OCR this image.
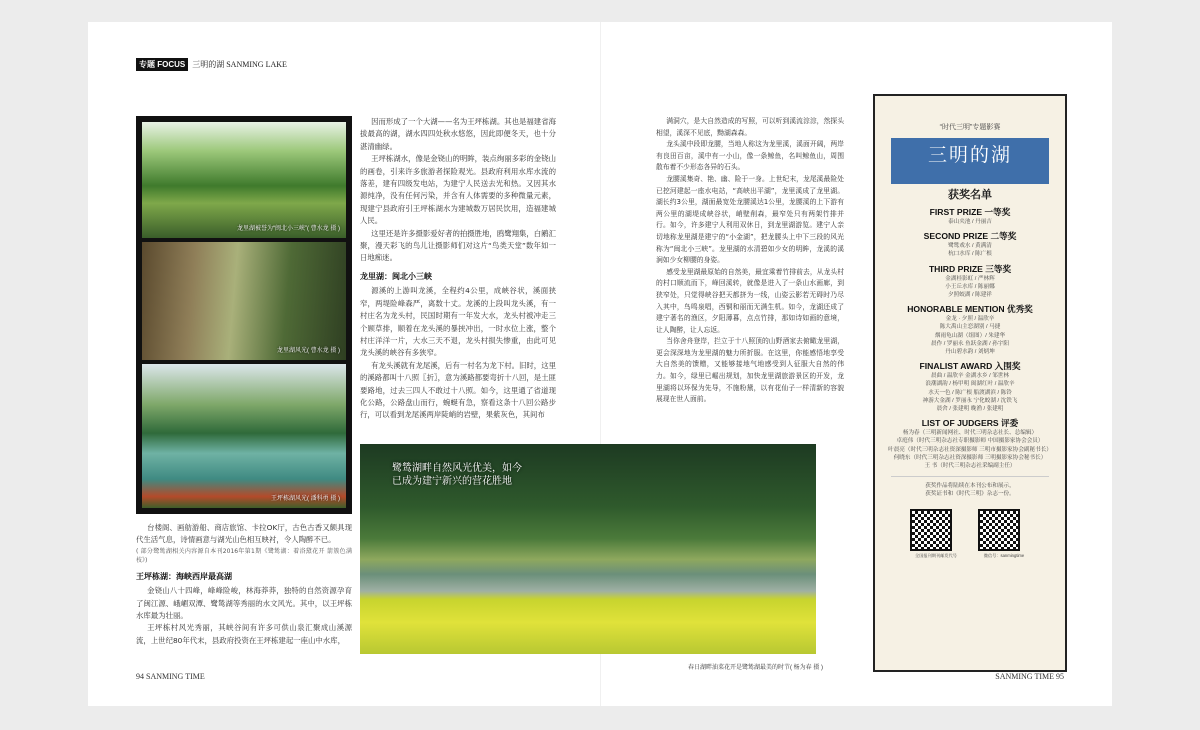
专题 FOCUS 三明的湖 SANMING LAKE
龙里湖被誉为“闽北小三峡”( 曹水龙 摄 )
龙里湖风光( 曹水龙 摄 )
王坪栋湖风光( 潘科勇 摄 )

台楼阁、画舫游船、商店旅馆、卡拉OK厅，古色古香又颇具现代生活气息，诗情画意与湖光山色相互映衬，令人陶醉不已。

( 部分鹭鸶湖相关内容源自本刊2016年第1期《鹭鸶湖：着浴黛花开 箭簇色满枝》)

王坪栋湖：海峡西岸最高湖

金铙山八十四峰，峰峰险峻，林海莽莽，独特的自然资源孕育了闽江源、峨嵋双潭、鹭鸶湖等秀丽的水文风光。其中，以王坪栋水库最为壮丽。

王坪栋村风光秀丽，其峡谷间有许多可供山泉汇聚成山溪源流，上世纪80年代末，县政府投资在王坪栋建起一座山中水库，

因而形成了一个大湖——名为王坪栋湖。其也是福建省海拔最高的湖，湖水四四处秋水悠悠，因此即便冬天，也十分湛清幽绿。

王坪栋湖水，像是金铙山的明眸，装点绚丽多彩的金铙山的画卷，引来许多旅游者探险观光。县政府利用水库水流的落差，建有四级发电站，为建宁人民送去光和热。又因其水源纯净，没有任何污染，并含有人体需要的多种微量元素，现建宁县政府引王坪栋湖水为建城数万居民饮用，造福建城人民。

这里还是许多摄影爱好者的拍摄胜地，鸥鹭翔集，白鹇汇聚，漫天彩飞的鸟儿让摄影师们对这片“鸟类天堂”数年如一日地痴迷。

龙里湖：闽北小三峡

源溪的上游叫龙溪，全程约4公里，成峡谷状，溪面狭窄，两堤险峰森严，离数十丈。龙溪的上段叫龙头溪，有一村庄名为龙头村，民国时期有一年发大水，龙头村被冲走三个顾草排，顺着在龙头溪的暴挟冲出，一时水位上涨，整个村庄洋洋一片，大水三天不退，龙头村损失惨重，由此可见龙头溪的峡谷有多狭窄。

有龙头溪就有龙尾溪，后有一村名为龙下村。旧时，这里的溪路都叫十八照〖折〗，意为溪路都要弯折十八回，是土匪要路地，过去三四人不敢过十八照。如今，这里通了省道现化公路，公路盘山而行，蜿蜒有急，察看这条十八回公路步行，可以看到龙尾溪两岸陡峭的岩壁，果紫灰色，其间布

满洞穴，是大自然造成的写照，可以听到溪流淙淙，然探头相望，溪深不见底，黝湖森森。

龙头溪中段即龙腰，当地人称这为龙里溪，溪面开阔，两岸有良田百亩，溪中有一小山，像一条鲸鱼，名叫鲸鱼山，周围散布着不少形态各异的石头。

龙腰溪集奇、艳、幽、险于一身。上世纪末，龙尾溪最险处已挖河建起一座水电站，“高峡出平湖”，龙里溪成了龙里湖。湖长约3公里，湖面最宽处龙腰溪达1公里，龙腰溪的上下游有两公里的湖堤成峡谷状，峭壁削森，最窄处只有两架竹排并行。如今，许多建宁人利用双休日，到龙里湖游览。建宁人亲切地称龙里湖是建宁的“小金湖”，把龙腰头上中下三段的风光称为“闽北小三峡”。龙里湖的水清碧如少女的明眸，龙溪的溪涧如少女柳腰的身姿。

感受龙里湖最原始的自然美，最宜乘着竹排前去，从龙头村的村口顺流而下，峰回溪转，就像是进入了一条山水画廊，到狭窄处，只觉得峡谷把天都挤为一线，山姿云影若无碍时乃尽入其中，鸟鸣泉唱，西铜和丽而无满生机。如今，龙湖还成了建宁著名的渔区，夕阳薄暮，点点竹排，那如诗如画的意境，让人陶醉，让人忘返。

当你舍舟登岸，拦立于十八照顶的山野酒家去俯瞰龙里湖，更会深深地为龙里湖的魅力所折服。在这里，你能感悟地享受大自然美的馈赠，又能够接地气地感受到人征服大自然的伟力。如今，绿里已崛出规划，加快龙里湖旅游景区的开发，龙里湖将以环保为先导，不施粉黛，以有花仙子一样清新的容貌展现在世人面前。

鹭鸶湖畔自然风光优美，如今
已成为建宁新兴的营花胜地
春日湖畔油菜花开是鹭鸶湖最美的时节( 杨为春 摄 )
94 SANMING TIME	SANMING TIME 95
“时代三明”专题影赛
三明的湖
获奖名单
FIRST PRIZE 一等奖
泰山夹池 / 丹丽吉
SECOND PRIZE 二等奖
鹭鸶戏水 / 黄满清
杭口水库 / 陈广根
THIRD PRIZE 三等奖
金湖桂影虹 / 严林辉
小王丘水库 / 陈丽娜
夕照蛟湖 / 陈建祥
HONORABLE MENTION 优秀奖
金龙 · 夕照 / 温欣辛
陈大禹山主恋湖别 / 马捷
烟雨龟山湖（组图）/ 朱建华
晨作 / 罗丽永 鱼跃金湖 / 孙宇阳
丹山碧水韵 / 刘炳坤
FINALIST AWARD 入围奖
晨曲 / 温欣辛 金湖水乡 / 邹世林
浪潮湖韵 / 杨甲明 闽湖红叶 / 温欣辛
水天一色 / 陈广根 船渡湖滨 / 陈铃
神游大金湖 / 罗丽永 宁化蛟湖 / 沈铁飞
晨舍 / 张建明 晚渔 / 张建明
LIST OF JUDGERS 评委
杨为春（三明新闻网社、时代三明杂志社长、总编辑）
卓庭伟（时代三明杂志社专职摄影师 中国摄影家协会会员）
叶晨亮（时代三明杂志社资深摄影师 三明市摄影家协会副秘书长）
何晓东（时代三明杂志社资深摄影师 三明摄影家协会秘书长）
王 书（时代三明杂志社采编副主任）
获奖作品将陆续在本刊公布和展示，
获奖证书和《时代三明》杂志一份。
全国报刊期刊邮发代号	微信号：sanmingtime
